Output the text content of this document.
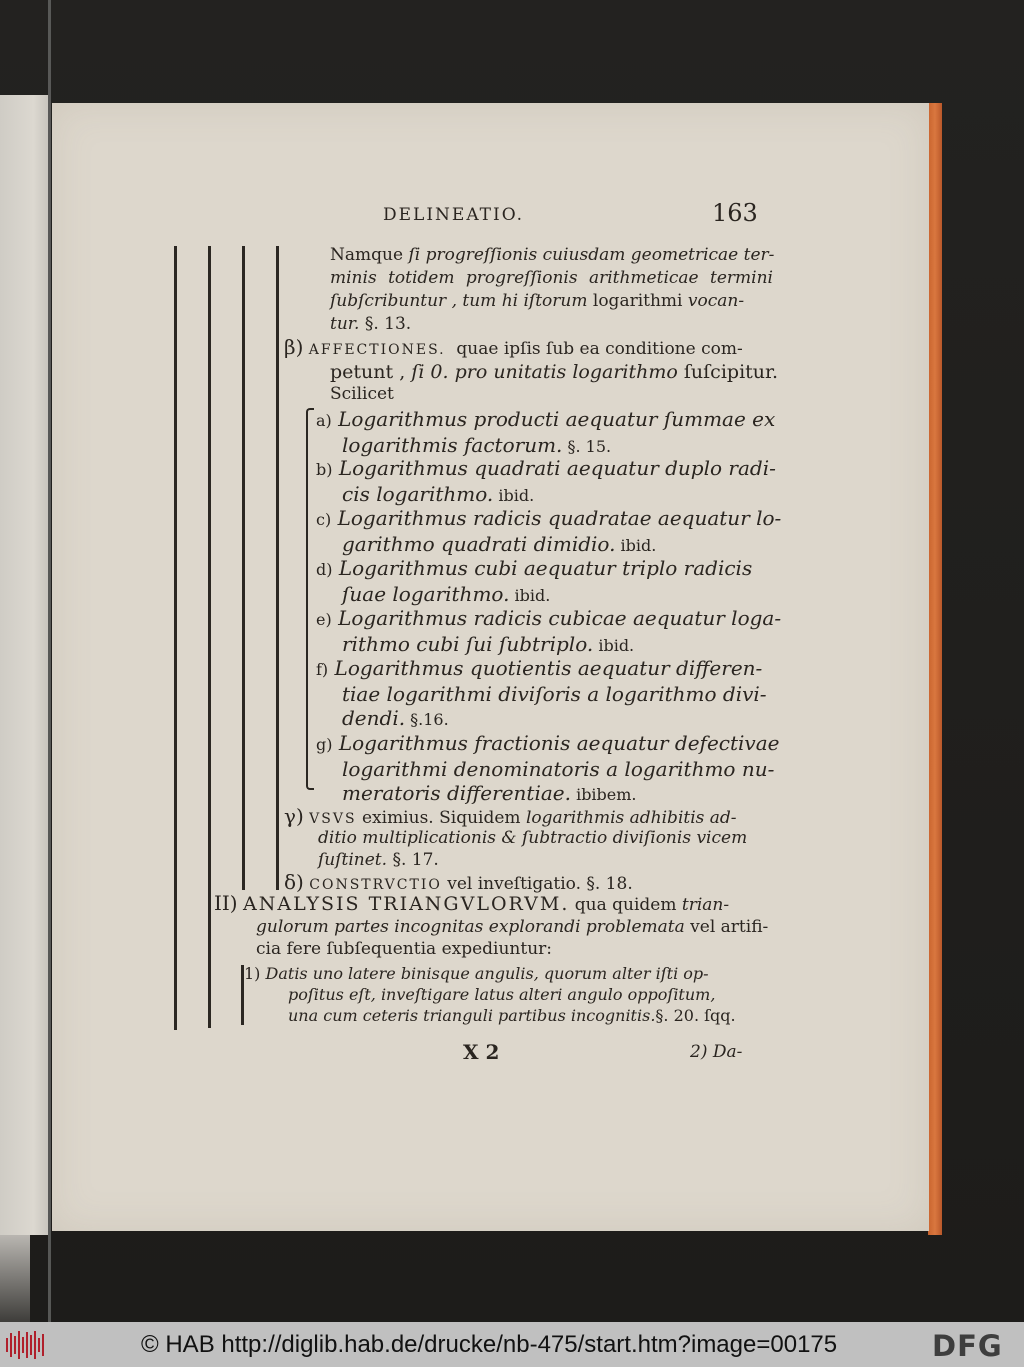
DELINEATIO.	163
Namque ſi progreſſionis cuiusdam geometricae ter-
minis totidem progreſſionis arithmeticae termini
ſubſcribuntur , tum hi iſtorum logarithmi vocan-
tur. §. 13.
β) AFFECTIONES. quae ipſis ſub ea conditione com-
petunt , ſi 0. pro unitatis logarithmo ſuſcipitur.
Scilicet
a) Logarithmus producti aequatur ſummae ex
logarithmis factorum. §. 15.
b) Logarithmus quadrati aequatur duplo radi-
cis logarithmo. ibid.
c) Logarithmus radicis quadratae aequatur lo-
garithmo quadrati dimidio. ibid.
d) Logarithmus cubi aequatur triplo radicis
ſuae logarithmo. ibid.
e) Logarithmus radicis cubicae aequatur loga-
rithmo cubi ſui ſubtriplo. ibid.
f) Logarithmus quotientis aequatur differen-
tiae logarithmi diviſoris a logarithmo divi-
dendi. §.16.
g) Logarithmus fractionis aequatur defectivae
logarithmi denominatoris a logarithmo nu-
meratoris differentiae. ibibem.
γ) VSVS eximius. Siquidem logarithmis adhibitis ad-
ditio multiplicationis & ſubtractio diviſionis vicem
ſuſtinet. §. 17.
δ) CONSTRVCTIO vel inveſtigatio. §. 18.
II) ANALYSIS TRIANGVLORVM. qua quidem trian-
gulorum partes incognitas explorandi problemata vel artifi-
cia fere ſubſequentia expediuntur:
1) Datis uno latere binisque angulis, quorum alter iſti op-
poſitus eſt, inveſtigare latus alteri angulo oppoſitum,
una cum ceteris trianguli partibus incognitis.§. 20. ſqq.
X 2	2) Da-
© HAB http://diglib.hab.de/drucke/nb-475/start.htm?image=00175	DFG
